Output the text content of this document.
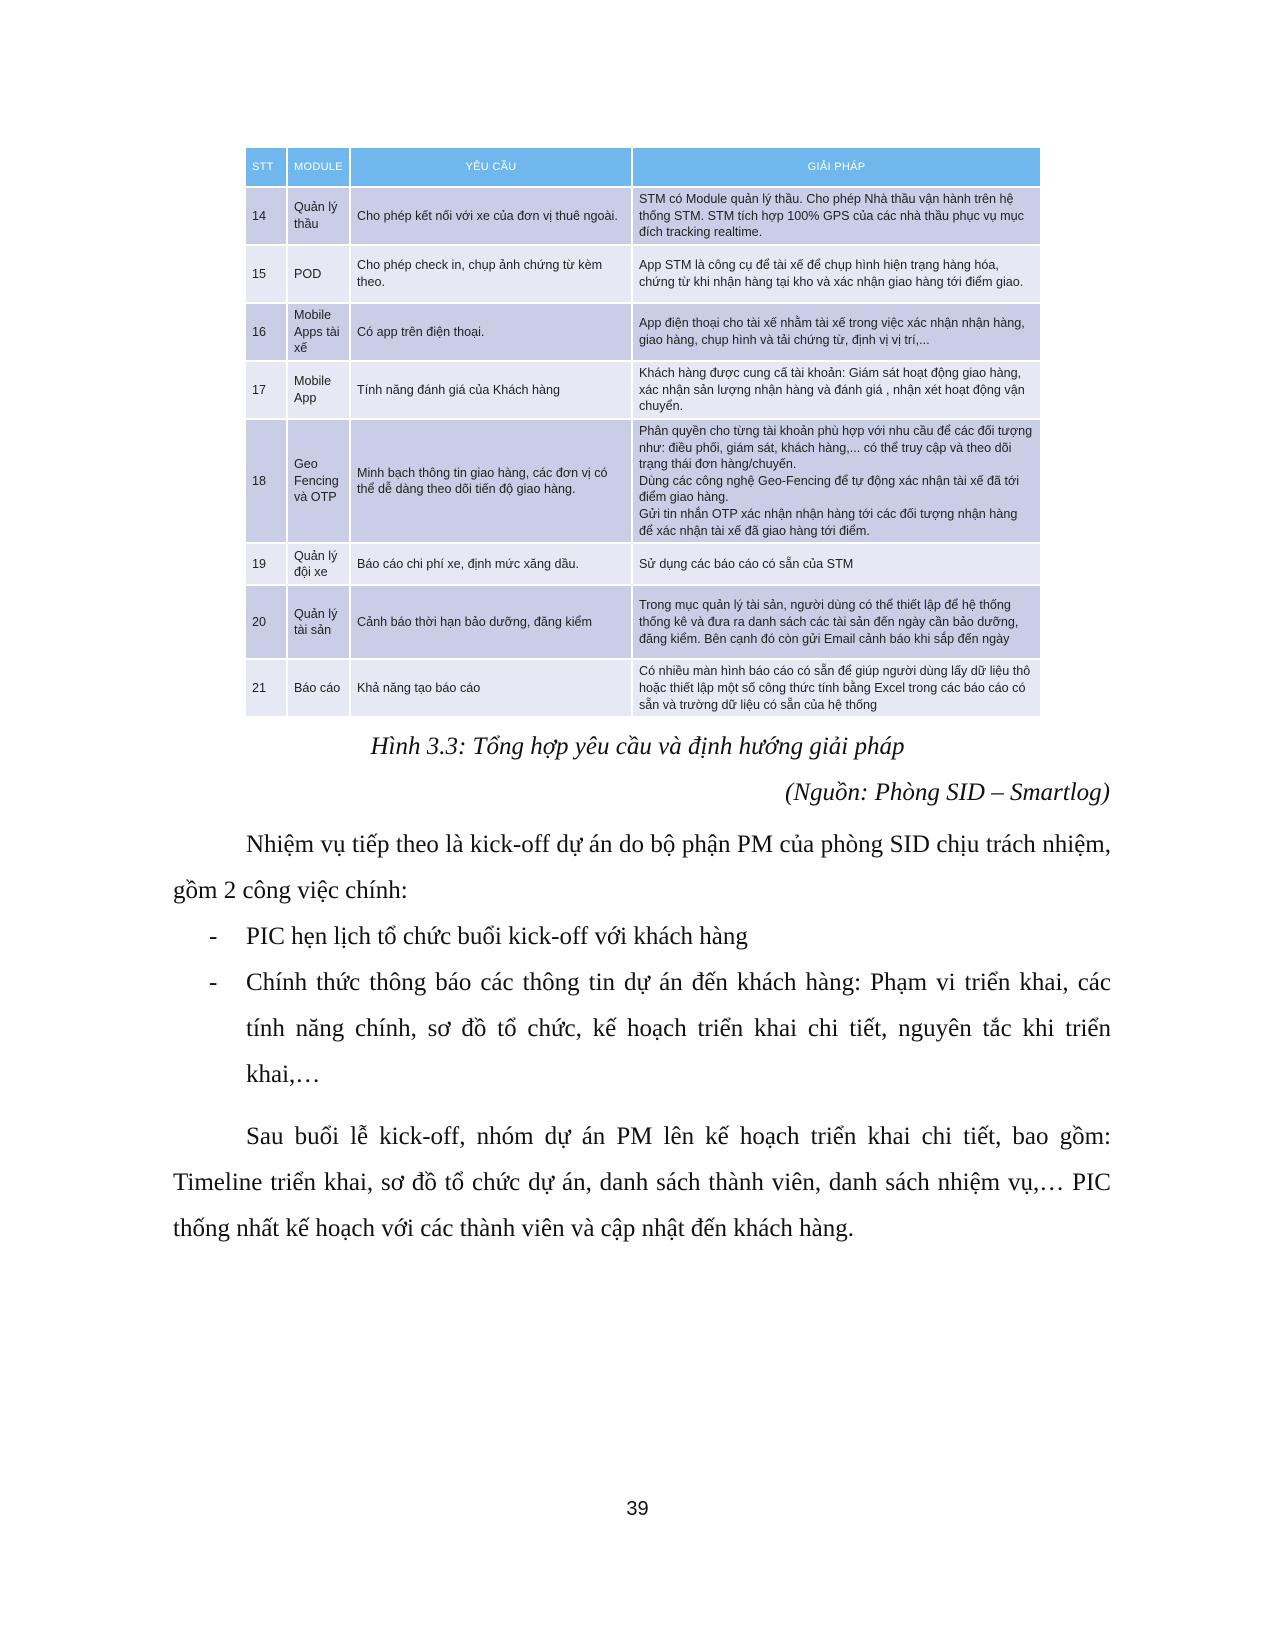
STT	MODULE	YÊU CẦU	GIẢI PHÁP
14	Quản lý thầu	Cho phép kết nối với xe của đơn vị thuê ngoài.	STM có Module quản lý thầu. Cho phép Nhà thầu vận hành trên hệ thống STM. STM tích hợp 100% GPS của các nhà thầu phục vụ mục đích tracking realtime.
15	POD	Cho phép check in, chụp ảnh chứng từ kèm theo.	App STM là công cụ để tài xế để chụp hình hiện trạng hàng hóa, chứng từ khi nhận hàng tại kho và xác nhận giao hàng tới điểm giao.
16	Mobile Apps tài xế	Có app trên điện thoại.	App điện thoại cho tài xế nhằm tài xế trong việc xác nhận nhận hàng, giao hàng, chụp hình và tải chứng từ, định vị vị trí,...
17	Mobile App	Tính năng đánh giá của Khách hàng	Khách hàng được cung cấ tài khoản: Giám sát hoạt động giao hàng, xác nhận sản lượng nhận hàng và đánh giá , nhận xét hoạt động vận chuyển.
18	Geo Fencing và OTP	Minh bạch thông tin giao hàng, các đơn vị có thể dễ dàng theo dõi tiến độ giao hàng.	Phân quyền cho từng tài khoản phù hợp với nhu cầu để các đối tượng như: điều phối, giám sát, khách hàng,... có thể truy cập và theo dõi trạng thái đơn hàng/chuyến.
Dùng các công nghệ Geo-Fencing để tự động xác nhận tài xế đã tới điểm giao hàng.
Gửi tin nhắn OTP xác nhận nhận hàng tới các đối tượng nhận hàng để xác nhận tài xế đã giao hàng tới điểm.
19	Quản lý đội xe	Báo cáo chi phí xe, định mức xăng dầu.	Sử dụng các báo cáo có sẵn của STM
20	Quản lý tài sản	Cảnh báo thời hạn bảo dưỡng, đăng kiểm	Trong mục quản lý tài sản, người dùng có thể thiết lập để hệ thống thống kê và đưa ra danh sách các tài sản đến ngày cần bảo dưỡng, đăng kiểm. Bên cạnh đó còn gửi Email cảnh báo khi sắp đến ngày
21	Báo cáo	Khả năng tạo báo cáo	Có nhiều màn hình báo cáo có sẵn để giúp người dùng lấy dữ liệu thô hoặc thiết lập một số công thức tính bằng Excel trong các báo cáo có sẵn và trường dữ liệu có sẵn của hệ thống
Hình 3.3: Tổng hợp yêu cầu và định hướng giải pháp
(Nguồn: Phòng SID – Smartlog)

Nhiệm vụ tiếp theo là kick-off dự án do bộ phận PM của phòng SID chịu trách nhiệm, gồm 2 công việc chính:

- PIC hẹn lịch tổ chức buổi kick-off với khách hàng
- Chính thức thông báo các thông tin dự án đến khách hàng: Phạm vi triển khai, các tính năng chính, sơ đồ tổ chức, kế hoạch triển khai chi tiết, nguyên tắc khi triển khai,…

Sau buổi lễ kick-off, nhóm dự án PM lên kế hoạch triển khai chi tiết, bao gồm: Timeline triển khai, sơ đồ tổ chức dự án, danh sách thành viên, danh sách nhiệm vụ,… PIC thống nhất kế hoạch với các thành viên và cập nhật đến khách hàng.

39
